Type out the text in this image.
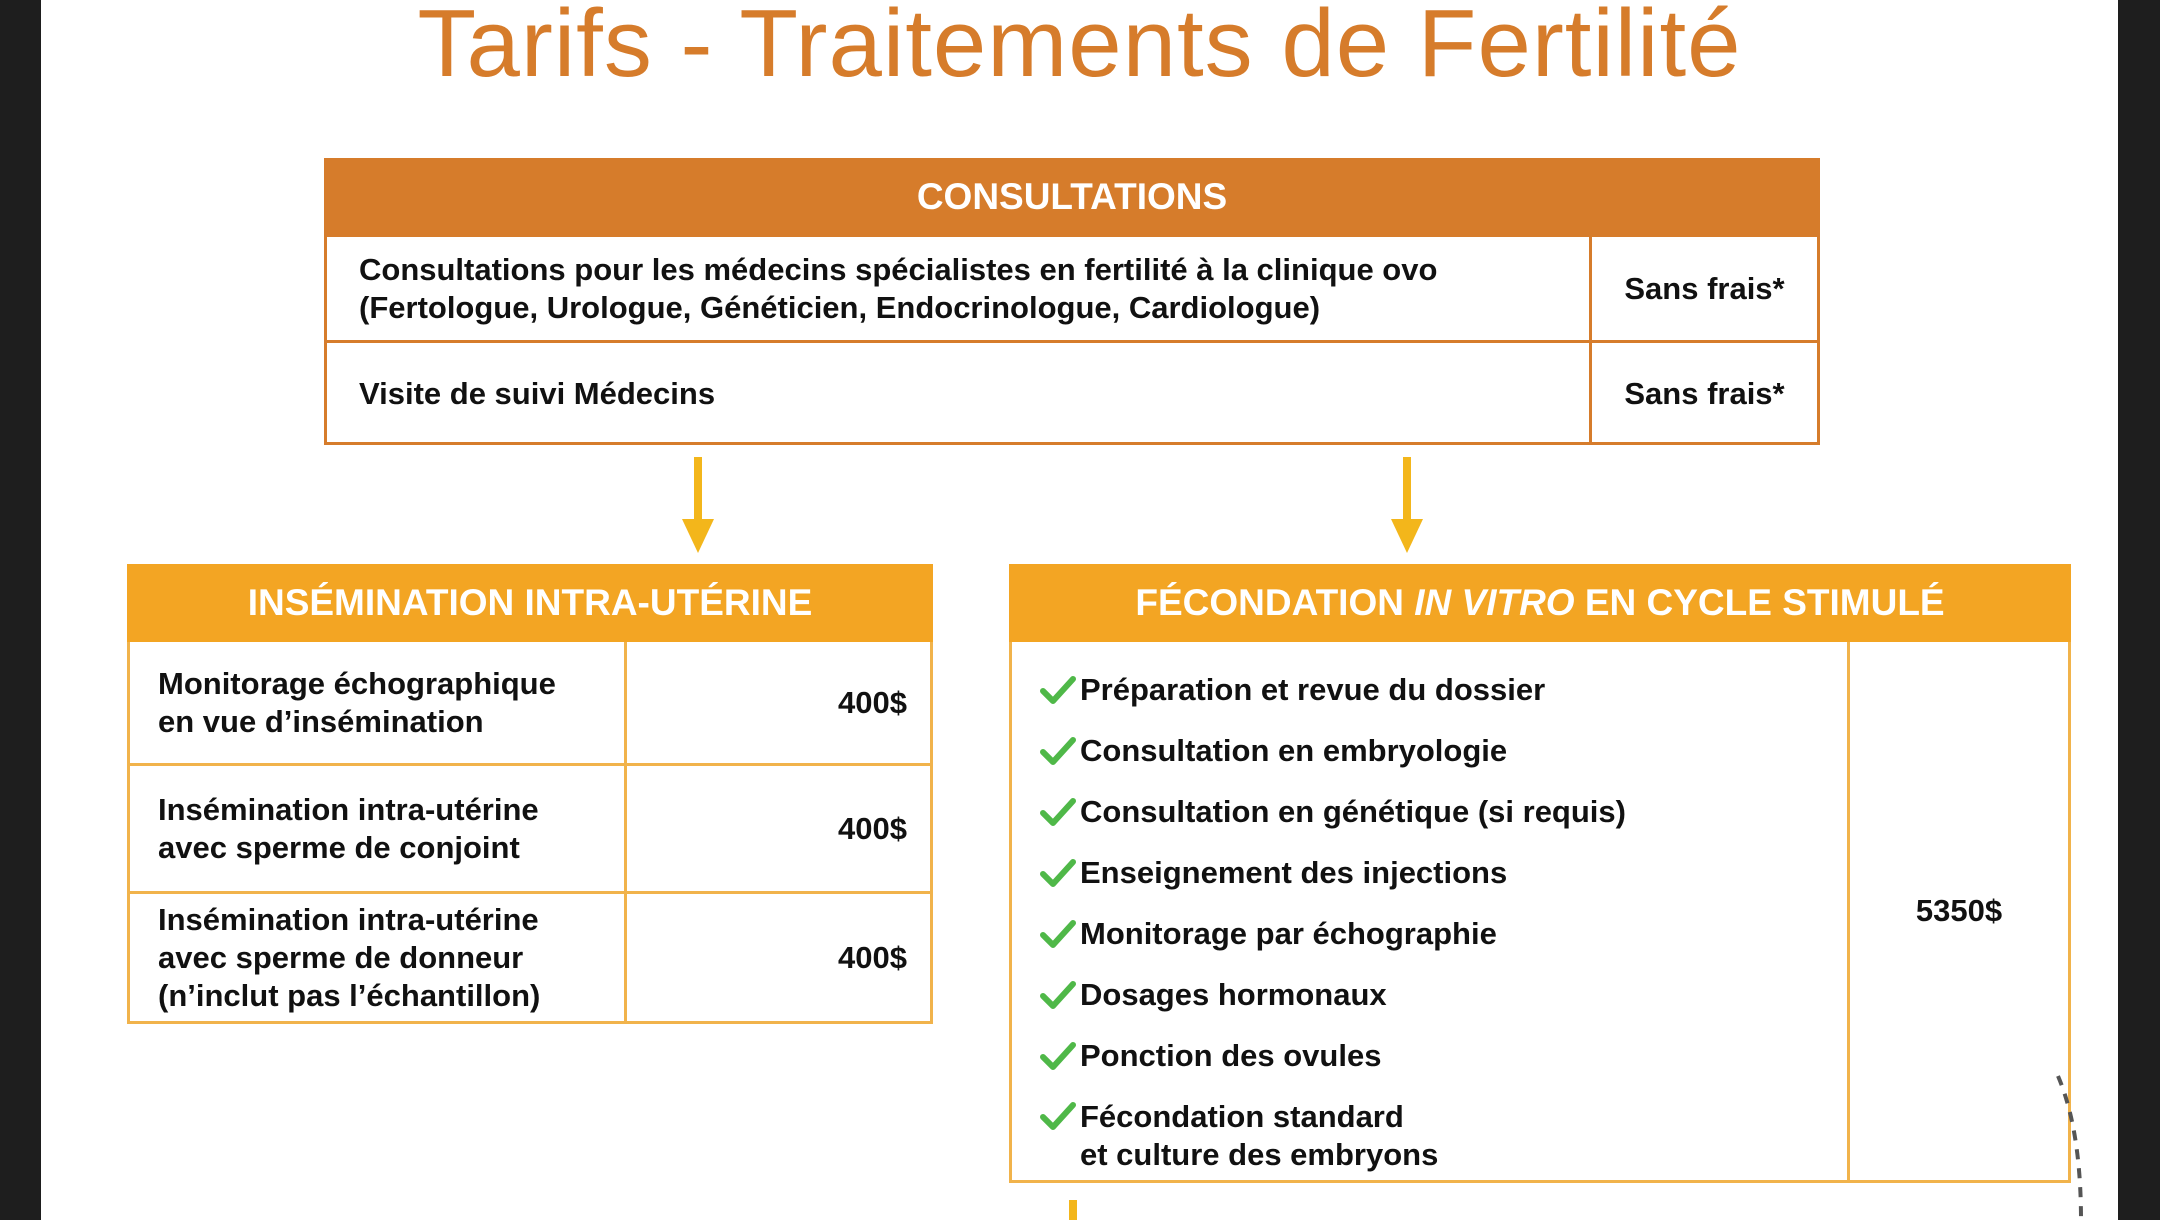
Tarifs - Traitements de Fertilité
CONSULTATIONS
Consultations pour les médecins spécialistes en fertilité à la clinique ovo
(Fertologue, Urologue, Généticien, Endocrinologue, Cardiologue)
Sans frais*
Visite de suivi Médecins	Sans frais*
INSÉMINATION INTRA-UTÉRINE
Monitorage échographique
en vue d’insémination
400$
Insémination intra-utérine
avec sperme de conjoint
400$
Insémination intra-utérine
avec sperme de donneur
(n’inclut pas l’échantillon)
400$
FÉCONDATION IN VITRO EN CYCLE STIMULÉ
Préparation et revue du dossier
Consultation en embryologie
Consultation en génétique (si requis)
Enseignement des injections
Monitorage par échographie
Dosages hormonaux
Ponction des ovules
Fécondation standard
et culture des embryons
5350$
